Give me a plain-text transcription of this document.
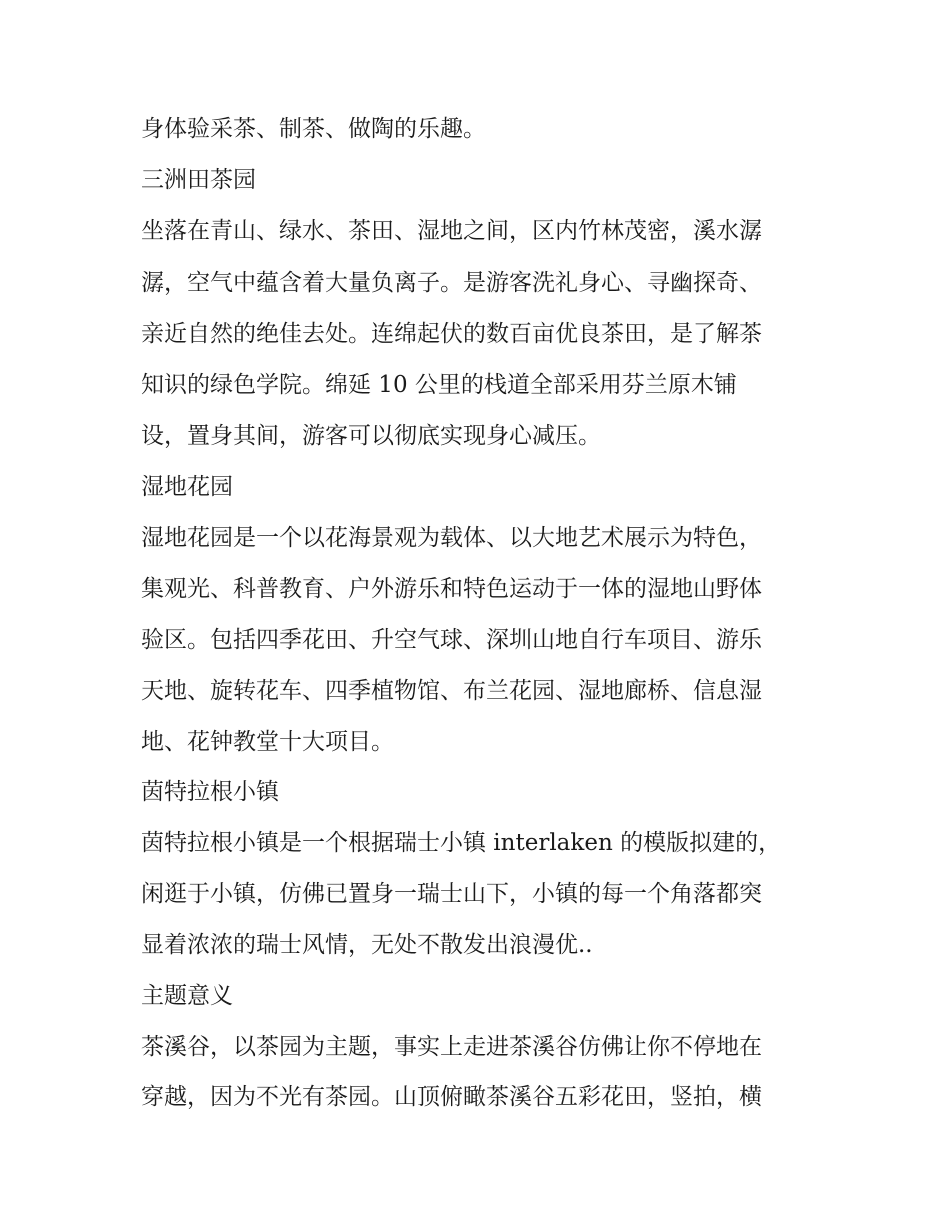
身体验采茶、制茶、做陶的乐趣。

三洲田茶园

坐落在青山、绿水、茶田、湿地之间，区内竹林茂密，溪水潺

潺，空气中蕴含着大量负离子。是游客洗礼身心、寻幽探奇、

亲近自然的绝佳去处。连绵起伏的数百亩优良茶田，是了解茶

知识的绿色学院。绵延 10 公里的栈道全部采用芬兰原木铺

设，置身其间，游客可以彻底实现身心减压。

湿地花园

湿地花园是一个以花海景观为载体、以大地艺术展示为特色，

集观光、科普教育、户外游乐和特色运动于一体的湿地山野体

验区。包括四季花田、升空气球、深圳山地自行车项目、游乐

天地、旋转花车、四季植物馆、布兰花园、湿地廊桥、信息湿

地、花钟教堂十大项目。

茵特拉根小镇

茵特拉根小镇是一个根据瑞士小镇 interlaken 的模版拟建的，

闲逛于小镇，仿佛已置身一瑞士山下，小镇的每一个角落都突

显着浓浓的瑞士风情，无处不散发出浪漫优..

主题意义

茶溪谷，以茶园为主题，事实上走进茶溪谷仿佛让你不停地在

穿越，因为不光有茶园。山顶俯瞰茶溪谷五彩花田，竖拍，横
